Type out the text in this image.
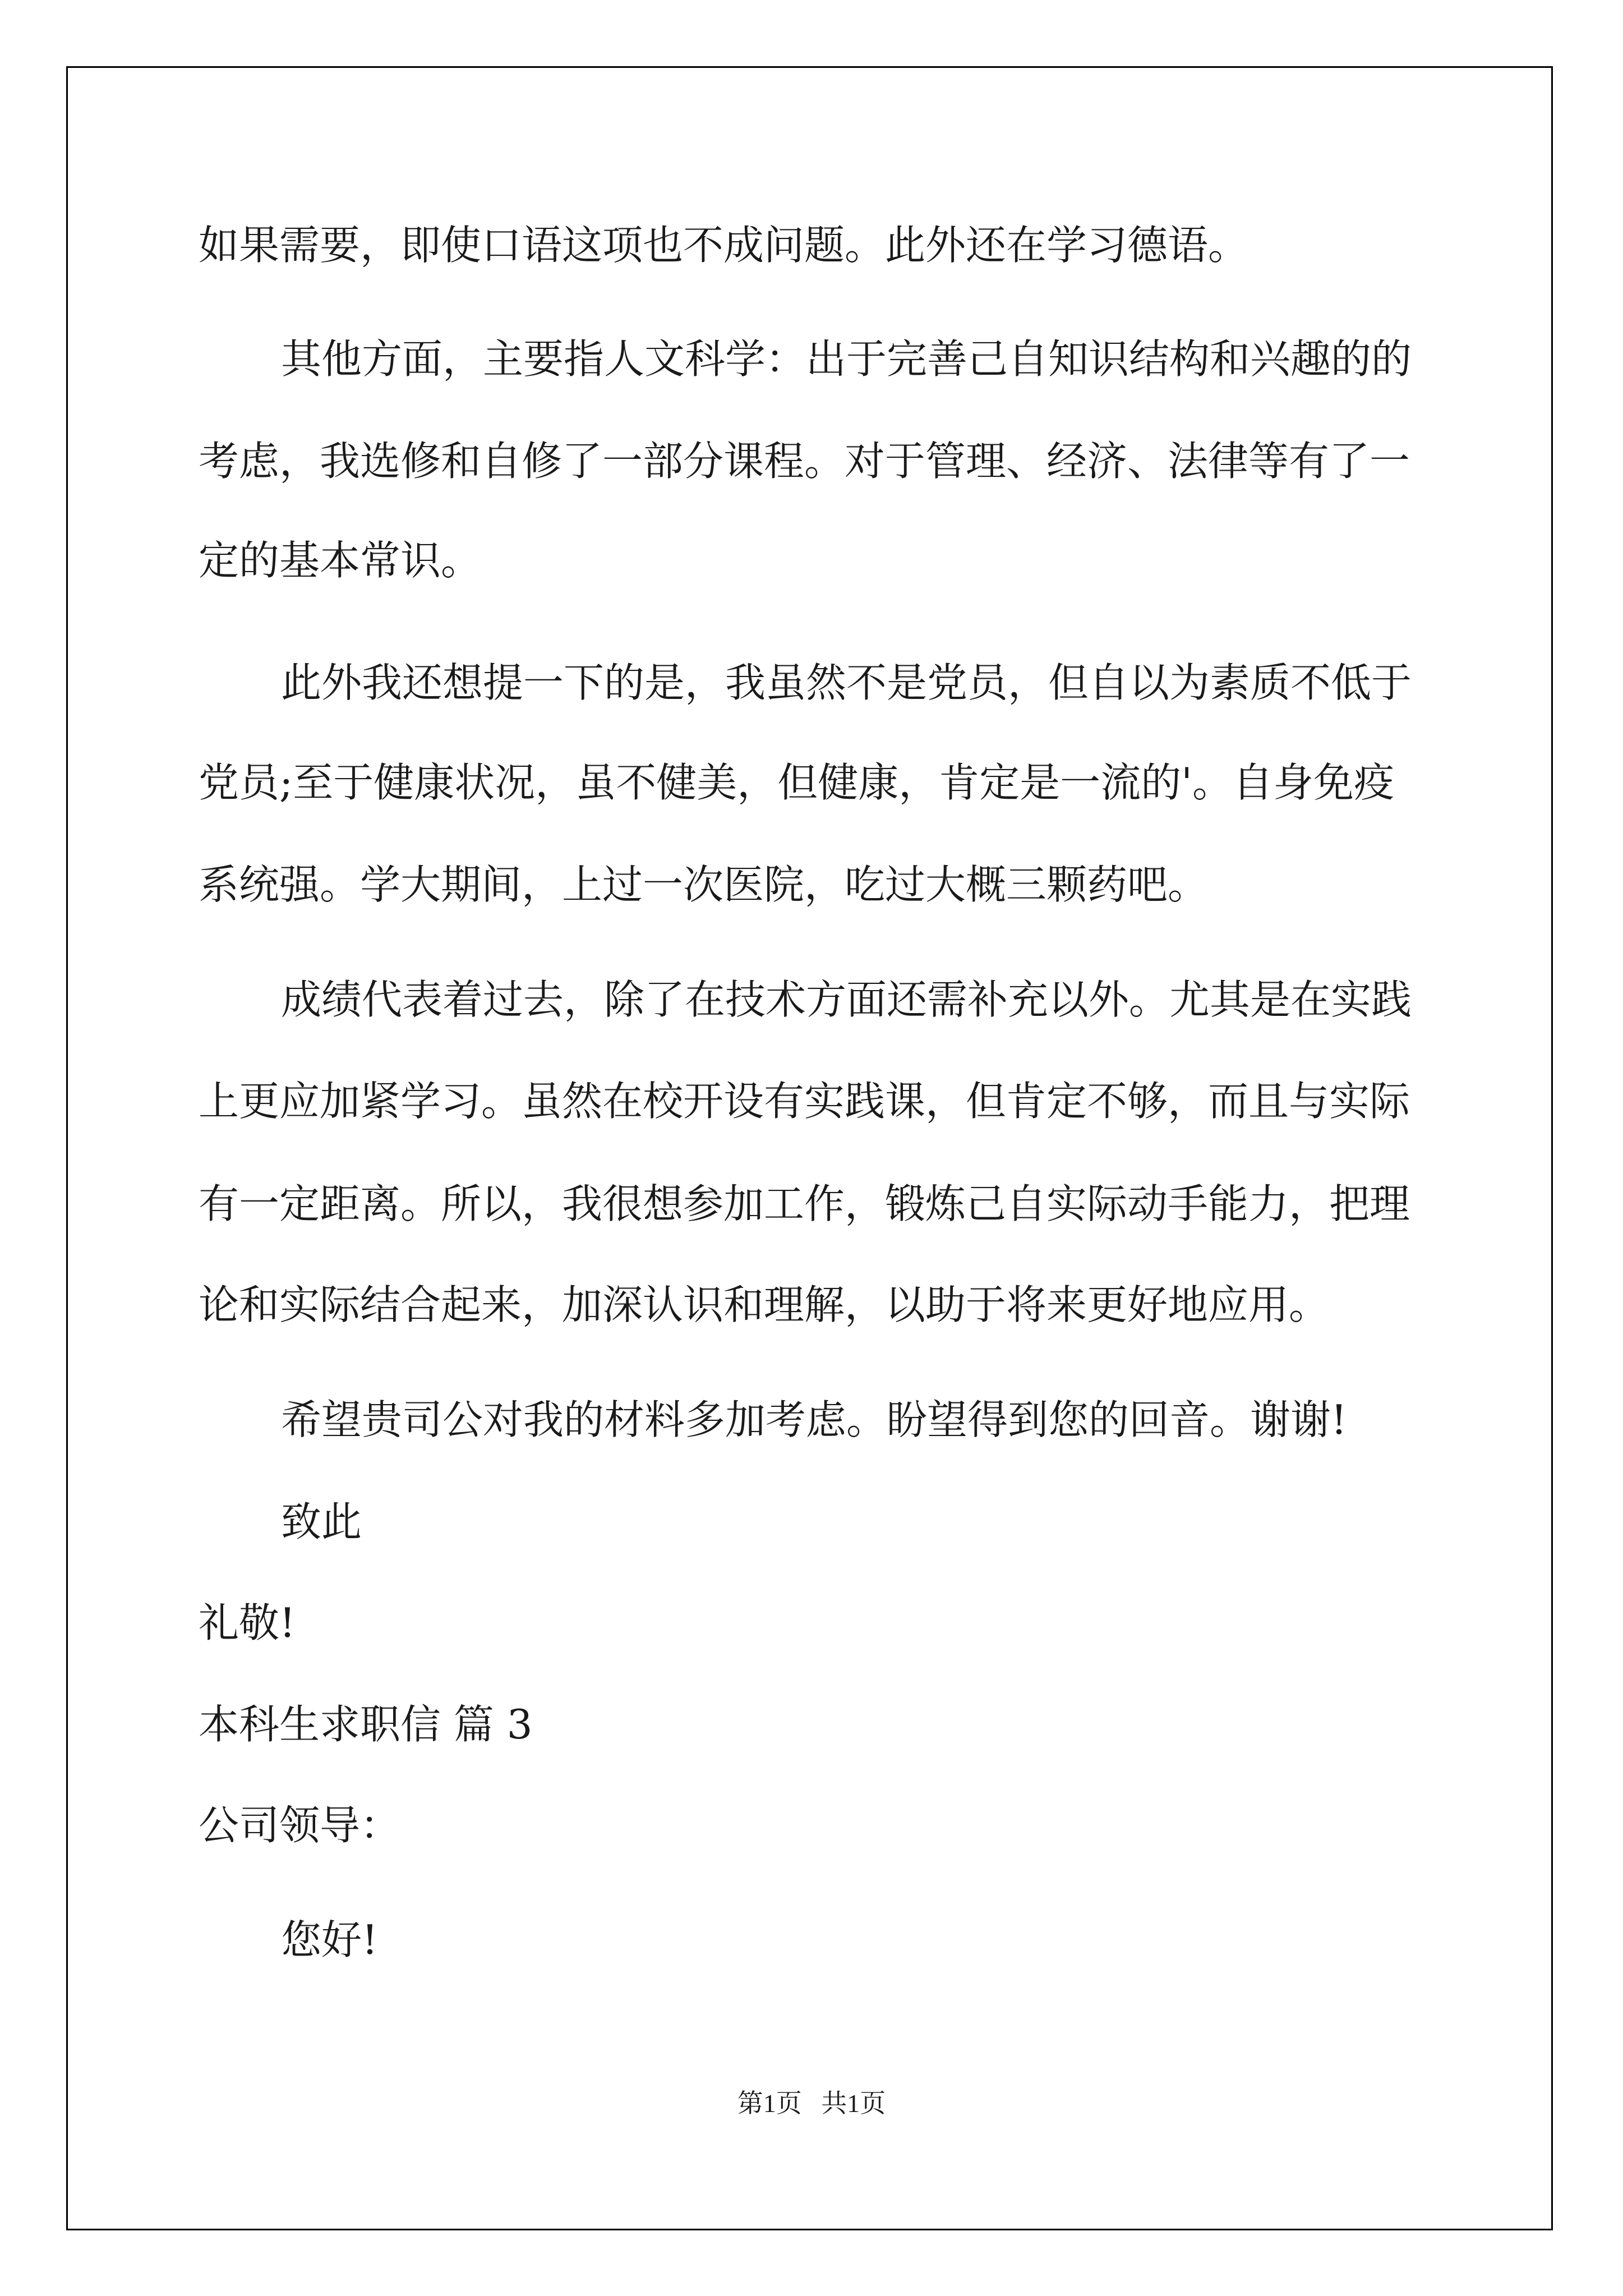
如果需要，即使口语这项也不成问题。此外还在学习德语。
其他方面，主要指人文科学：出于完善己自知识结构和兴趣的的
考虑，我选修和自修了一部分课程。对于管理、经济、法律等有了一
定的基本常识。
此外我还想提一下的是，我虽然不是党员，但自以为素质不低于
党员;至于健康状况，虽不健美，但健康，肯定是一流的'。自身免疫
系统强。学大期间，上过一次医院，吃过大概三颗药吧。
成绩代表着过去，除了在技术方面还需补充以外。尤其是在实践
上更应加紧学习。虽然在校开设有实践课，但肯定不够，而且与实际
有一定距离。所以，我很想参加工作，锻炼己自实际动手能力，把理
论和实际结合起来，加深认识和理解，以助于将来更好地应用。
希望贵司公对我的材料多加考虑。盼望得到您的回音。谢谢!
致此
礼敬!
本科生求职信 篇 3
公司领导：
您好!
第1页   共1页
